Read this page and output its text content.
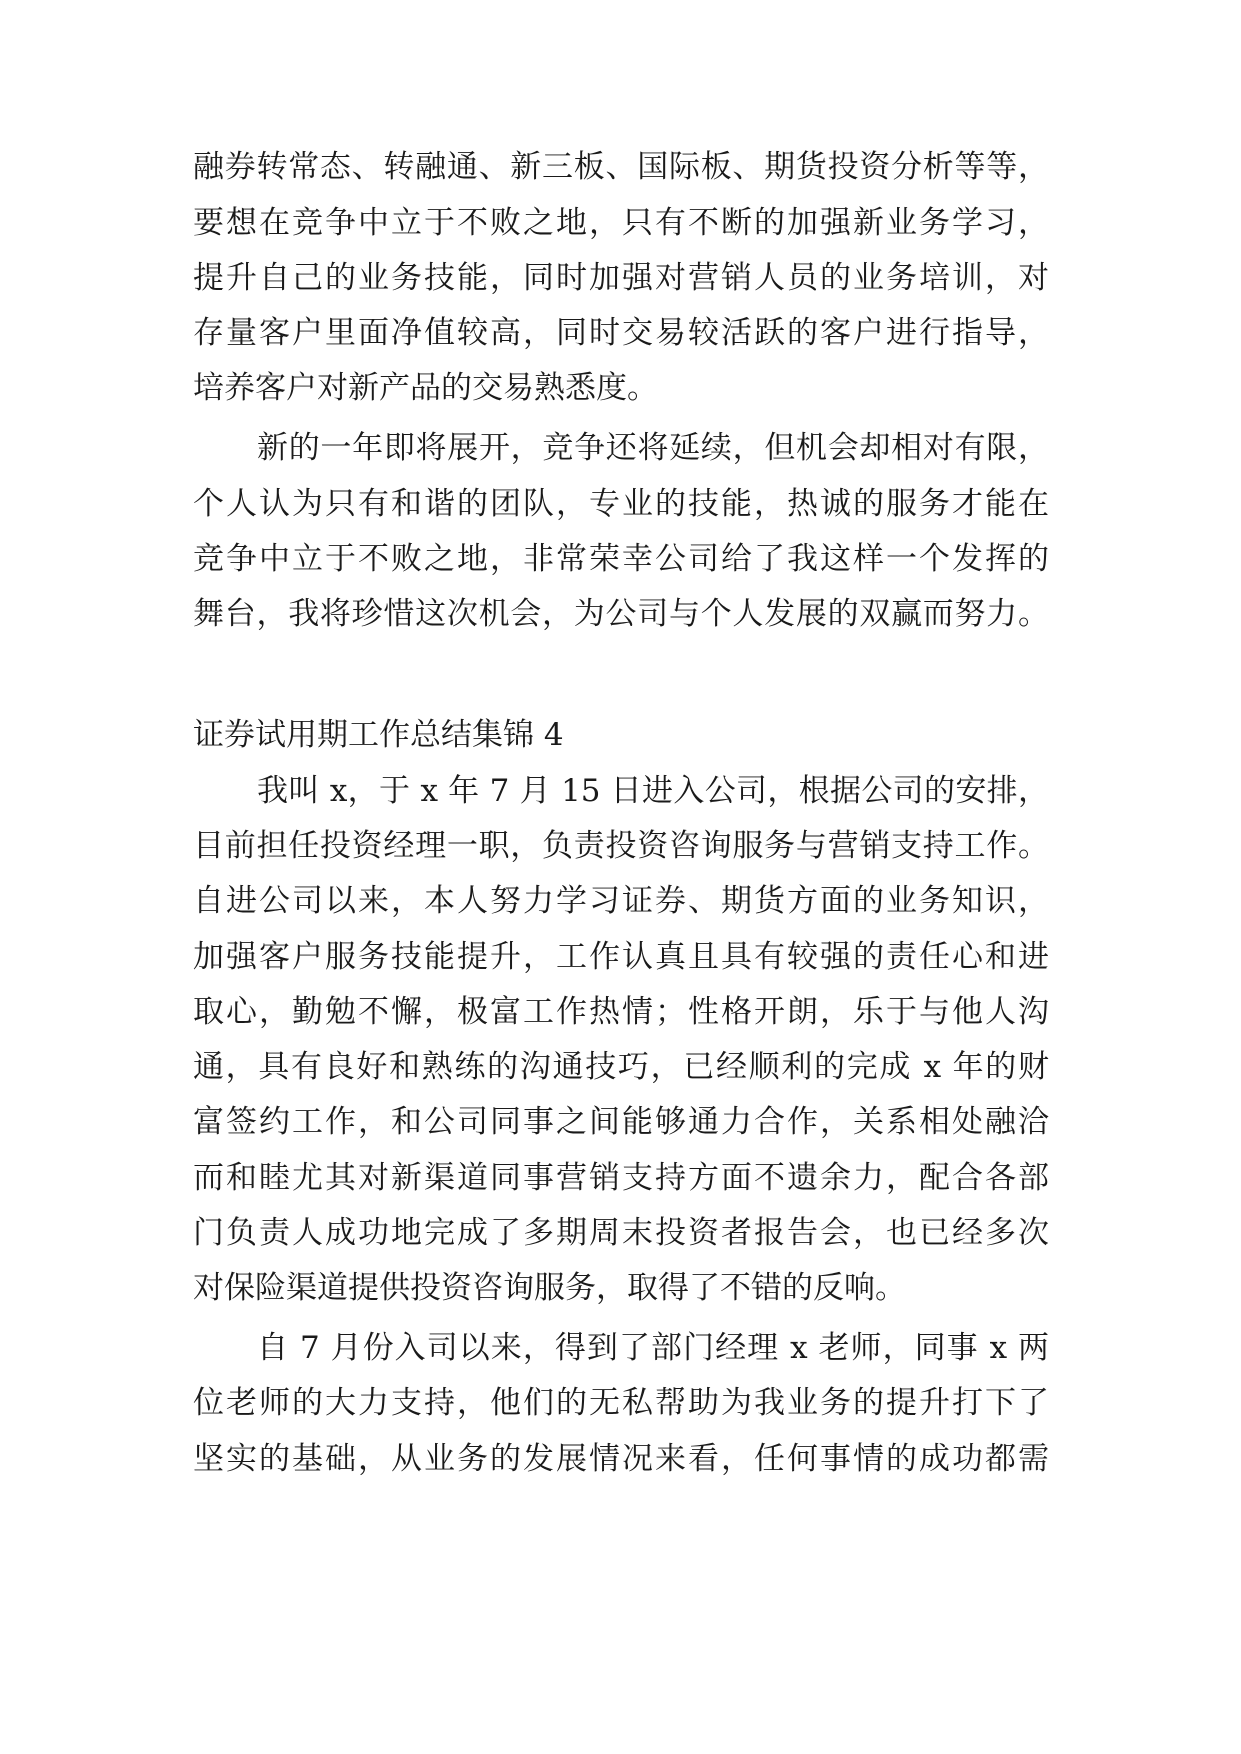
融券转常态、转融通、新三板、国际板、期货投资分析等等，
要想在竞争中立于不败之地，只有不断的加强新业务学习，
提升自己的业务技能，同时加强对营销人员的业务培训，对
存量客户里面净值较高，同时交易较活跃的客户进行指导，
培养客户对新产品的交易熟悉度。
新的一年即将展开，竞争还将延续，但机会却相对有限，
个人认为只有和谐的团队，专业的技能，热诚的服务才能在
竞争中立于不败之地，非常荣幸公司给了我这样一个发挥的
舞台，我将珍惜这次机会，为公司与个人发展的双赢而努力。
证券试用期工作总结集锦 4
我叫 x，于 x 年 7 月 15 日进入公司，根据公司的安排，
目前担任投资经理一职，负责投资咨询服务与营销支持工作。
自进公司以来，本人努力学习证券、期货方面的业务知识，
加强客户服务技能提升，工作认真且具有较强的责任心和进
取心，勤勉不懈，极富工作热情；性格开朗，乐于与他人沟
通，具有良好和熟练的沟通技巧，已经顺利的完成 x 年的财
富签约工作，和公司同事之间能够通力合作，关系相处融洽
而和睦尤其对新渠道同事营销支持方面不遗余力，配合各部
门负责人成功地完成了多期周末投资者报告会，也已经多次
对保险渠道提供投资咨询服务，取得了不错的反响。
自 7 月份入司以来，得到了部门经理 x 老师，同事 x 两
位老师的大力支持，他们的无私帮助为我业务的提升打下了
坚实的基础，从业务的发展情况来看，任何事情的成功都需
